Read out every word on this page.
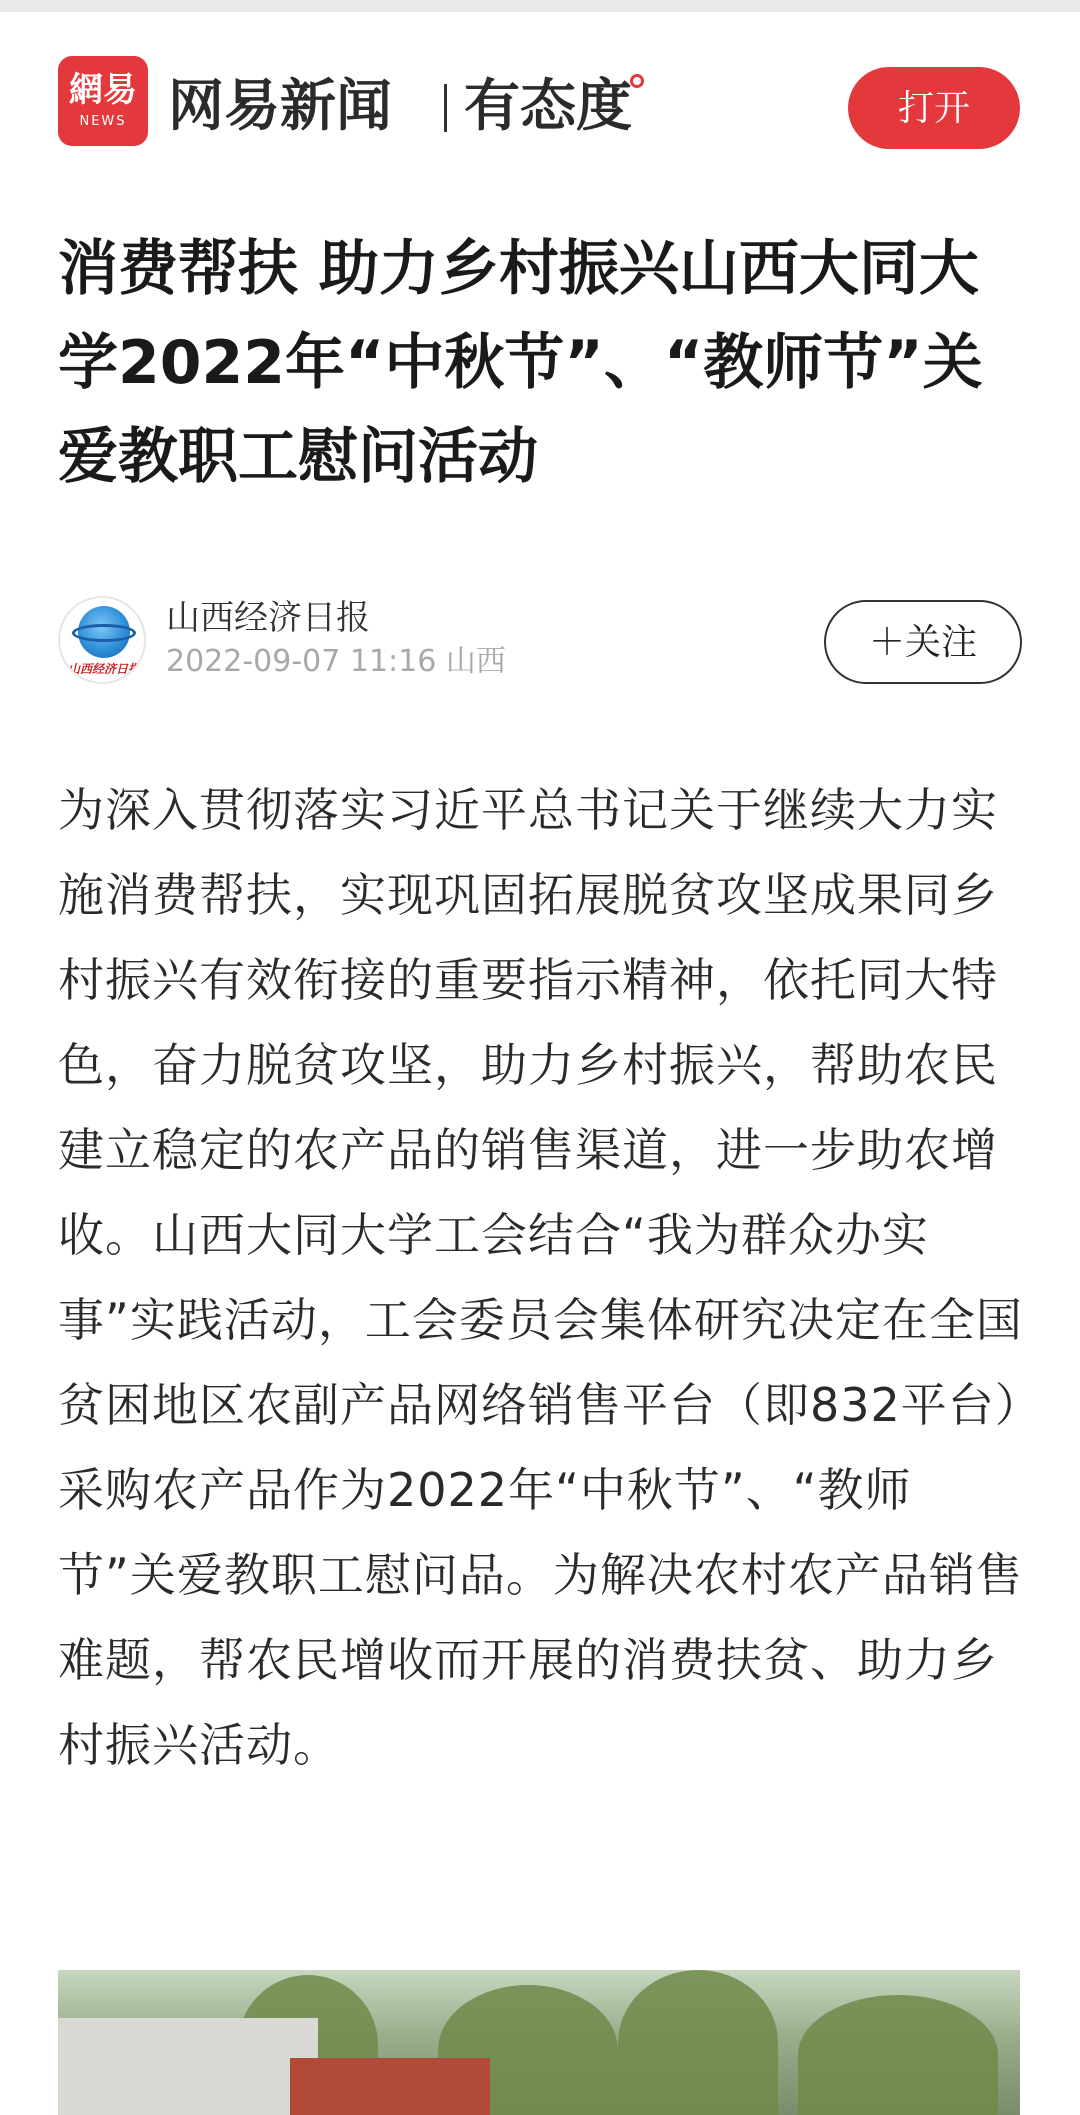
網易
NEWS 网易新闻 有态度	打开
消费帮扶 助力乡村振兴山西大同大学2022年“中秋节”、“教师节”关爱教职工慰问活动
山西经济日报
山西经济日报
2022-09-07 11:16 山西	＋关注

为深入贯彻落实习近平总书记关于继续大力实施消费帮扶，实现巩固拓展脱贫攻坚成果同乡村振兴有效衔接的重要指示精神，依托同大特色，奋力脱贫攻坚，助力乡村振兴，帮助农民建立稳定的农产品的销售渠道，进一步助农增收。山西大同大学工会结合“我为群众办实事”实践活动，工会委员会集体研究决定在全国贫困地区农副产品网络销售平台（即832平台）采购农产品作为2022年“中秋节”、“教师节”关爱教职工慰问品。为解决农村农产品销售难题，帮农民增收而开展的消费扶贫、助力乡村振兴活动。
